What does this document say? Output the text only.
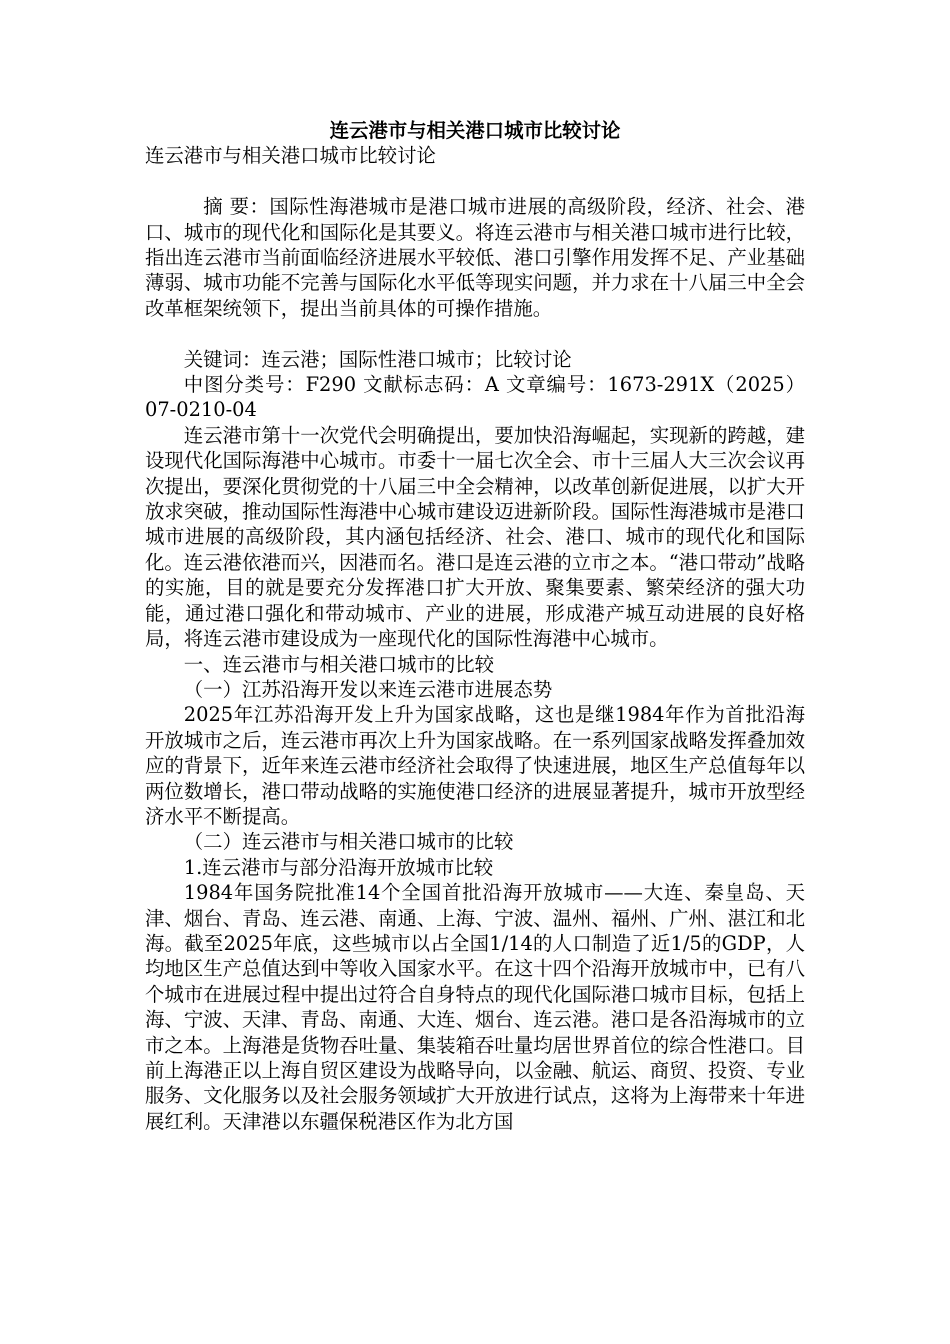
连云港市与相关港口城市比较讨论

连云港市与相关港口城市比较讨论

摘 要：国际性海港城市是港口城市进展的高级阶段，经济、社会、港口、城市的现代化和国际化是其要义。将连云港市与相关港口城市进行比较，指出连云港市当前面临经济进展水平较低、港口引擎作用发挥不足、产业基础薄弱、城市功能不完善与国际化水平低等现实问题，并力求在十八届三中全会改革框架统领下，提出当前具体的可操作措施。

关键词：连云港；国际性港口城市；比较讨论

中图分类号：F290 文献标志码：A 文章编号：1673-291X（2025）07-0210-04

连云港市第十一次党代会明确提出，要加快沿海崛起，实现新的跨越，建设现代化国际海港中心城市。市委十一届七次全会、市十三届人大三次会议再次提出，要深化贯彻党的十八届三中全会精神，以改革创新促进展，以扩大开放求突破，推动国际性海港中心城市建设迈进新阶段。国际性海港城市是港口城市进展的高级阶段，其内涵包括经济、社会、港口、城市的现代化和国际化。连云港依港而兴，因港而名。港口是连云港的立市之本。“港口带动”战略的实施，目的就是要充分发挥港口扩大开放、聚集要素、繁荣经济的强大功能，通过港口强化和带动城市、产业的进展，形成港产城互动进展的良好格局，将连云港市建设成为一座现代化的国际性海港中心城市。

一、连云港市与相关港口城市的比较

（一）江苏沿海开发以来连云港市进展态势

2025年江苏沿海开发上升为国家战略，这也是继1984年作为首批沿海开放城市之后，连云港市再次上升为国家战略。在一系列国家战略发挥叠加效应的背景下，近年来连云港市经济社会取得了快速进展，地区生产总值每年以两位数增长，港口带动战略的实施使港口经济的进展显著提升，城市开放型经济水平不断提高。

（二）连云港市与相关港口城市的比较

1.连云港市与部分沿海开放城市比较

1984年国务院批准14个全国首批沿海开放城市——大连、秦皇岛、天津、烟台、青岛、连云港、南通、上海、宁波、温州、福州、广州、湛江和北海。截至2025年底，这些城市以占全国1/14的人口制造了近1/5的GDP，人均地区生产总值达到中等收入国家水平。在这十四个沿海开放城市中，已有八个城市在进展过程中提出过符合自身特点的现代化国际港口城市目标，包括上海、宁波、天津、青岛、南通、大连、烟台、连云港。港口是各沿海城市的立市之本。上海港是货物吞吐量、集装箱吞吐量均居世界首位的综合性港口。目前上海港正以上海自贸区建设为战略导向，以金融、航运、商贸、投资、专业服务、文化服务以及社会服务领域扩大开放进行试点，这将为上海带来十年进展红利。天津港以东疆保税港区作为北方国
